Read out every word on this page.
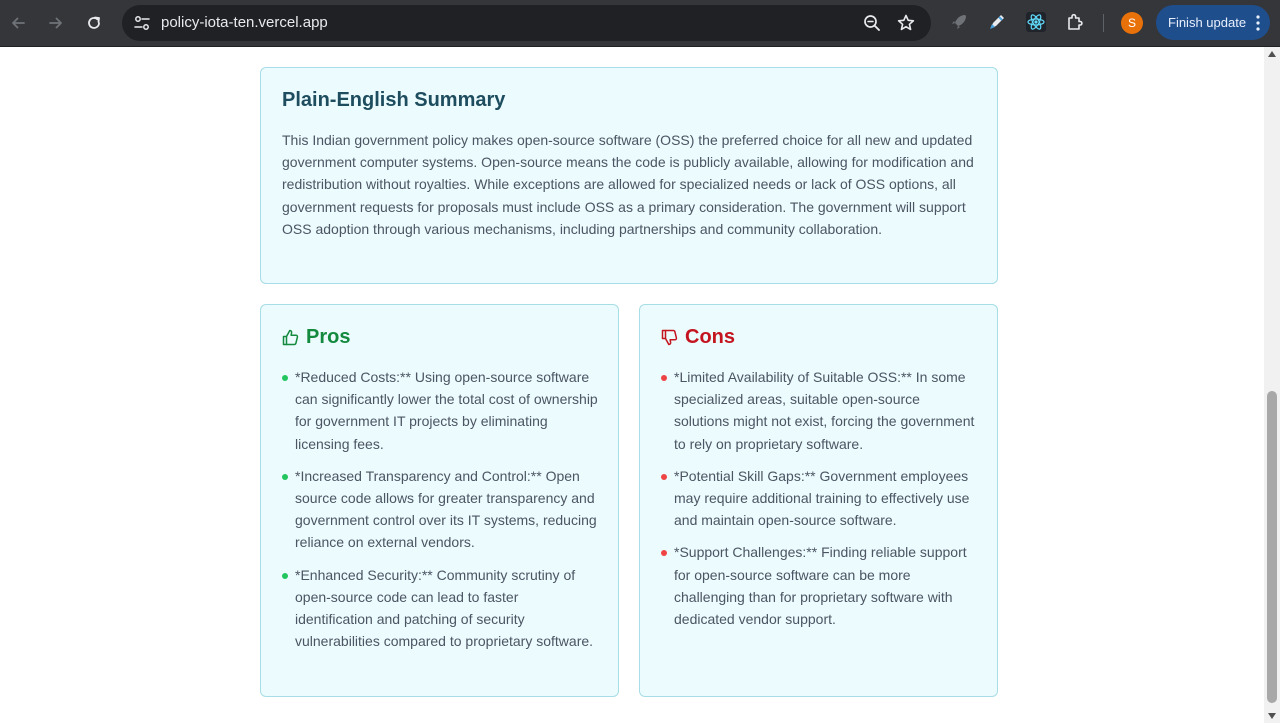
policy-iota-ten.vercel.app	S	Finish update
Plain-English Summary

This Indian government policy makes open-source software (OSS) the preferred choice for all new and updated government computer systems. Open-source means the code is publicly available, allowing for modification and redistribution without royalties. While exceptions are allowed for specialized needs or lack of OSS options, all government requests for proposals must include OSS as a primary consideration. The government will support OSS adoption through various mechanisms, including partnerships and community collaboration.

Pros
*Reduced Costs:** Using open-source software can significantly lower the total cost of ownership for government IT projects by eliminating licensing fees.
*Increased Transparency and Control:** Open source code allows for greater transparency and government control over its IT systems, reducing reliance on external vendors.
*Enhanced Security:** Community scrutiny of open-source code can lead to faster identification and patching of security vulnerabilities compared to proprietary software.
Cons
*Limited Availability of Suitable OSS:** In some specialized areas, suitable open-source solutions might not exist, forcing the government to rely on proprietary software.
*Potential Skill Gaps:** Government employees may require additional training to effectively use and maintain open-source software.
*Support Challenges:** Finding reliable support for open-source software can be more challenging than for proprietary software with dedicated vendor support.
